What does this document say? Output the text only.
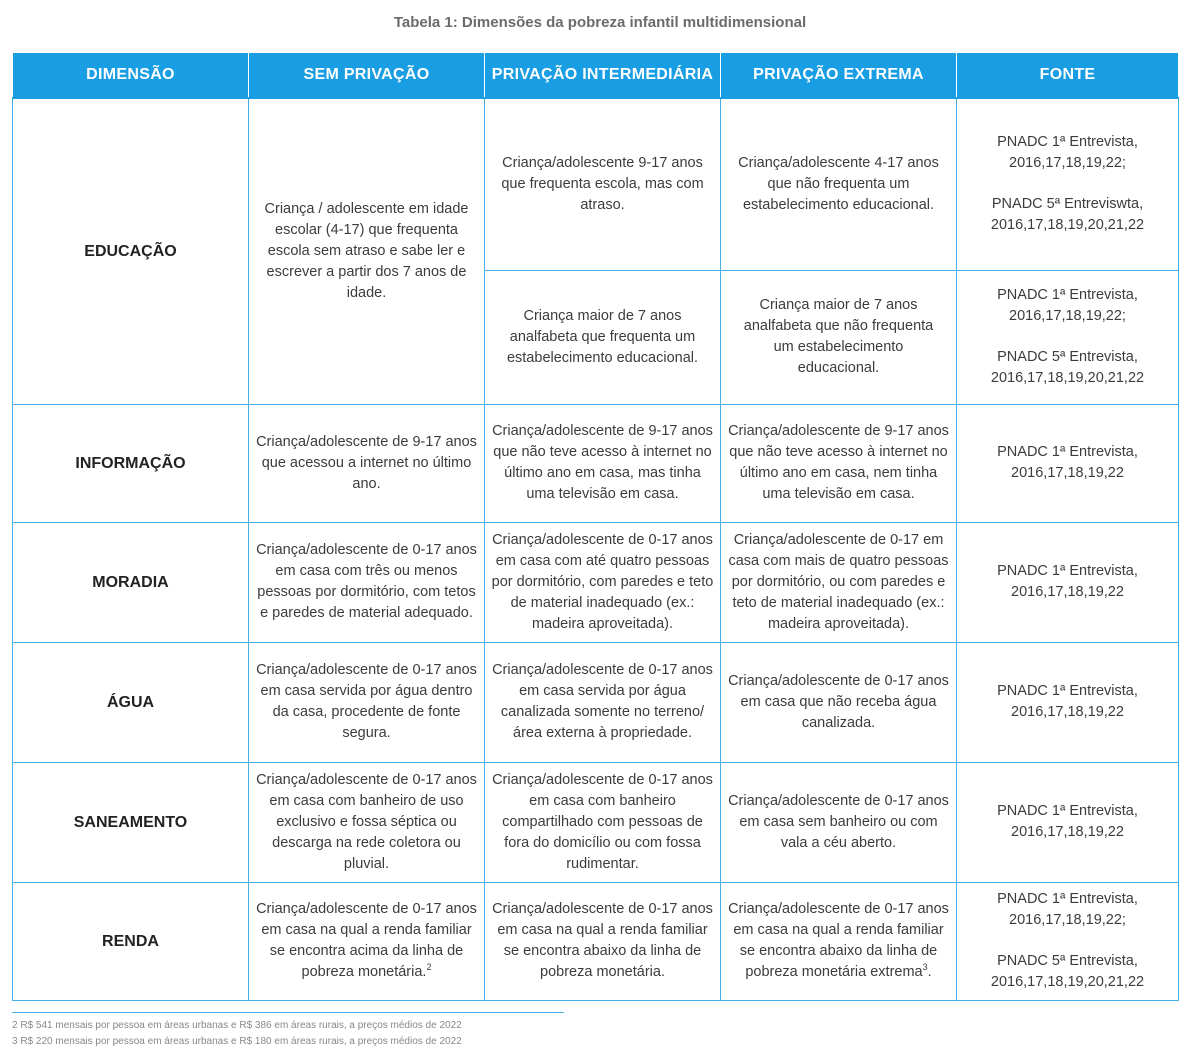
Tabela 1: Dimensões da pobreza infantil multidimensional
DIMENSÃO	SEM PRIVAÇÃO	PRIVAÇÃO INTERMEDIÁRIA	PRIVAÇÃO EXTREMA	FONTE
EDUCAÇÃO	Criança / adolescente em idade escolar (4-17) que frequenta escola sem atraso e sabe ler e escrever a partir dos 7 anos de idade.	Criança/adolescente 9-17 anos que frequenta escola, mas com atraso.	Criança/adolescente 4-17 anos que não frequenta um estabelecimento educacional.	PNADC 1ª Entrevista, 2016,17,18,19,22;

PNADC 5ª Entreviswta, 2016,17,18,19,20,21,22

		Criança maior de 7 anos analfabeta que frequenta um estabelecimento educacional.	Criança maior de 7 anos analfabeta que não frequenta um estabelecimento educacional.	PNADC 1ª Entrevista, 2016,17,18,19,22;

PNADC 5ª Entrevista, 2016,17,18,19,20,21,22

INFORMAÇÃO	Criança/adolescente de 9-17 anos que acessou a internet no último ano.	Criança/adolescente de 9-17 anos que não teve acesso à internet no último ano em casa, mas tinha uma televisão em casa.	Criança/adolescente de 9-17 anos que não teve acesso à internet no último ano em casa, nem tinha uma televisão em casa.	PNADC 1ª Entrevista, 2016,17,18,19,22
MORADIA	Criança/adolescente de 0-17 anos em casa com três ou menos pessoas por dormitório, com tetos e paredes de material adequado.	Criança/adolescente de 0-17 anos em casa com até quatro pessoas por dormitório, com paredes e teto de material inadequado (ex.: madeira aproveitada).	Criança/adolescente de 0-17 em casa com mais de quatro pessoas por dormitório, ou com paredes e teto de material inadequado (ex.: madeira aproveitada).	PNADC 1ª Entrevista, 2016,17,18,19,22
ÁGUA	Criança/adolescente de 0-17 anos em casa servida por água dentro da casa, procedente de fonte segura.	Criança/adolescente de 0-17 anos em casa servida por água canalizada somente no terreno/ área externa à propriedade.	Criança/adolescente de 0-17 anos em casa que não receba água canalizada.	PNADC 1ª Entrevista, 2016,17,18,19,22
SANEAMENTO	Criança/adolescente de 0-17 anos em casa com banheiro de uso exclusivo e fossa séptica ou descarga na rede coletora ou pluvial.	Criança/adolescente de 0-17 anos em casa com banheiro compartilhado com pessoas de fora do domicílio ou com fossa rudimentar.	Criança/adolescente de 0-17 anos em casa sem banheiro ou com vala a céu aberto.	PNADC 1ª Entrevista, 2016,17,18,19,22
RENDA	Criança/adolescente de 0-17 anos em casa na qual a renda familiar se encontra acima da linha de pobreza monetária.$^2$	Criança/adolescente de 0-17 anos em casa na qual a renda familiar se encontra abaixo da linha de pobreza monetária.	Criança/adolescente de 0-17 anos em casa na qual a renda familiar se encontra abaixo da linha de pobreza monetária extrema$^3$.	PNADC 1ª Entrevista, 2016,17,18,19,22;

PNADC 5ª Entrevista, 2016,17,18,19,20,21,22

2 R$ 541 mensais por pessoa em áreas urbanas e R$ 386 em áreas rurais, a preços médios de 2022
3 R$ 220 mensais por pessoa em áreas urbanas e R$ 180 em áreas rurais, a preços médios de 2022
